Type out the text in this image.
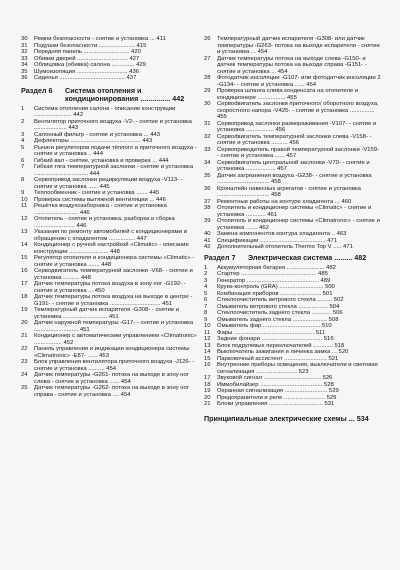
30	Ремни безопасности - снятие и установка ... 411
31	Подушки безопасности ...................... 415
32	Передняя панель ............................ 420
33	Обивки дверей ............................... 427
34	Облицовка (обивка) салона .............. 429
35	Шумоизоляция ............................... 436
36	Сиденья ........................................ 437
Раздел 6	Система отопления и кондиционирования ............... 442
1	Система отопления салона - описание конструкции ....................... 442
2	Вентилятор приточного воздуха -V2- - снятие и установка .................... 443
3	Салонный фильтр - снятие и установка ... 443
4	Дефлекторы ........................................... 443
5	Рычаги регуляторов подачи тёплого и приточного воздуха - снятие и установка .. 444
6	Гибкий вал - снятие, установка и проверка ... 444
7	Гибкая тяга температурной заслонки - снятие и установка ................................. 444
8	Сервопривод заслонки рециркуляции воздуха -V113- - снятие и установка ...... 445
9	Теплообменник - снятие и установка ....... 445
10	Проверка системы вытяжной вентиляции ... 446
11	Решётка воздухозаборника - снятие и установка ........................... 446
12	Отопитель - снятие и установка, разборка и сборка ......................... 446
13	Указания по ремонту автомобилей с кондиционерами и обращению с хладагентом ................ 447
14	Кондиционер с ручной настройкой «Climatic» - описание конструкции ........................ 448
15	Регулятор отопителя и кондиционера системы «Climatic» - снятие и установка ....... 448
16	Серводвигатель температурной заслонки -V68- - снятие и установка .......... 448
17	Датчик температуры потока воздуха в зону ног -G192- - снятие и установка ... 450
18	Датчик температуры потока воздуха на выходе в центре -G191- - снятие и установка ............................... 451
19	Температурный датчик испарителя -G308- - снятие и установка ........................... 451
20	Датчик наружной температуры -G17- - снятие и установка ........................... 451
21	Кондиционер с автоматическим управлением «Climatronic» ................. 452
22	Панель управления и индикации кондиционера системы «Climatronic» -E87- ...... 453
23	Блок управления вентилятора приточного воздуха -J126- - снятие и установка .......... 454
24	Датчик температуры -G261- потока на выходе в зону ног слева - снятие и установка ...... 454
25	Датчик температуры -G262- потока на выходе в зону ног справа - снятие и установка .... 454
26	Температурный датчик испарителя -G308- или датчик температуры -G263- потока на выходе испарителя - снятие и установка ... 454
27	Датчик температуры потока на выходе слева -G150- и датчик температуры потока на выходе справа -G151- - снятие и установка ... 454
28	Фотодатчик инсоляции -G107- или фотодатчик инсоляции 2 -G134- - снятие и установка ...... 454
29	Проверка шланга слива конденсата на отопителе и кондиционере ................. 455
30	Сервodвигатель заслонки приточного/ оборотного воздуха, скоростного напора -V425- - снятие и установка ............... 455
31	Сервопривод заслонки размораживания -V107- - снятие и установка ................. 456
32	Сервodвигатель температурной заслонки слева -V158- - снятие и установка .......... 456
33	Сервоприводитель правой температурной заслонки -V159- - снятие и установка ...... 457
34	Сервodвигатель центральной заслонки -V70- - снятие и установка .................. 457
35	Датчик загрязнения воздуха -G238- - снятие и установка ................................ 458
36	Кронштейн навесных агрегатов - снятие и установка ................................ 458
37	Ремонтные работы на контуре хладагента ... 460
38	Отопитель и кондиционер системы «Climatic» - снятие и установка ............ 461
39	Отопитель и кондиционер системы «Climatronic» - снятие и установка ....... 462
40	Замена компонентов контура хладагента .. 463
41	Спецификации ........................................ 471
42	Дополнительный отопитель Thermo Top V ..... 471
Раздел 7	Электрическая система ......... 482
1	Аккумуляторная батарея ....................... 482
2	Стартер .............................................. 485
3	Генератор ............................................ 489
4	Круиз-контроль (GRA) ........................... 500
5	Комбинация приборов ......................... 501
6	Стеклоочиститель ветрового стекла ......... 502
7	Омыватель ветрового стекла .................. 504
8	Стеклоочиститель заднего стекла ............ 506
9	Омыватель заднего стекла ..................... 508
10	Омыватель фар ................................... 510
11	Фары ................................................. 511
12	Задние фонари ..................................... 516
13	Блок подрулевых переключателей ............ 518
14	Выключатель зажигания и личинка замка ... 520
15	Парковочный ассистент .......................... 521
16	Внутренние приборы освещения, выключатели и световая сигнализация ......................... 523
17	Звуковой сигнал ................................... 526
18	Иммобилайзер ...................................... 528
19	Охранная сигнализация .......................... 529
20	Предохранители и реле ......................... 529
21	Блоки управления ................................. 531
Принципиальные электрические схемы ... 534
